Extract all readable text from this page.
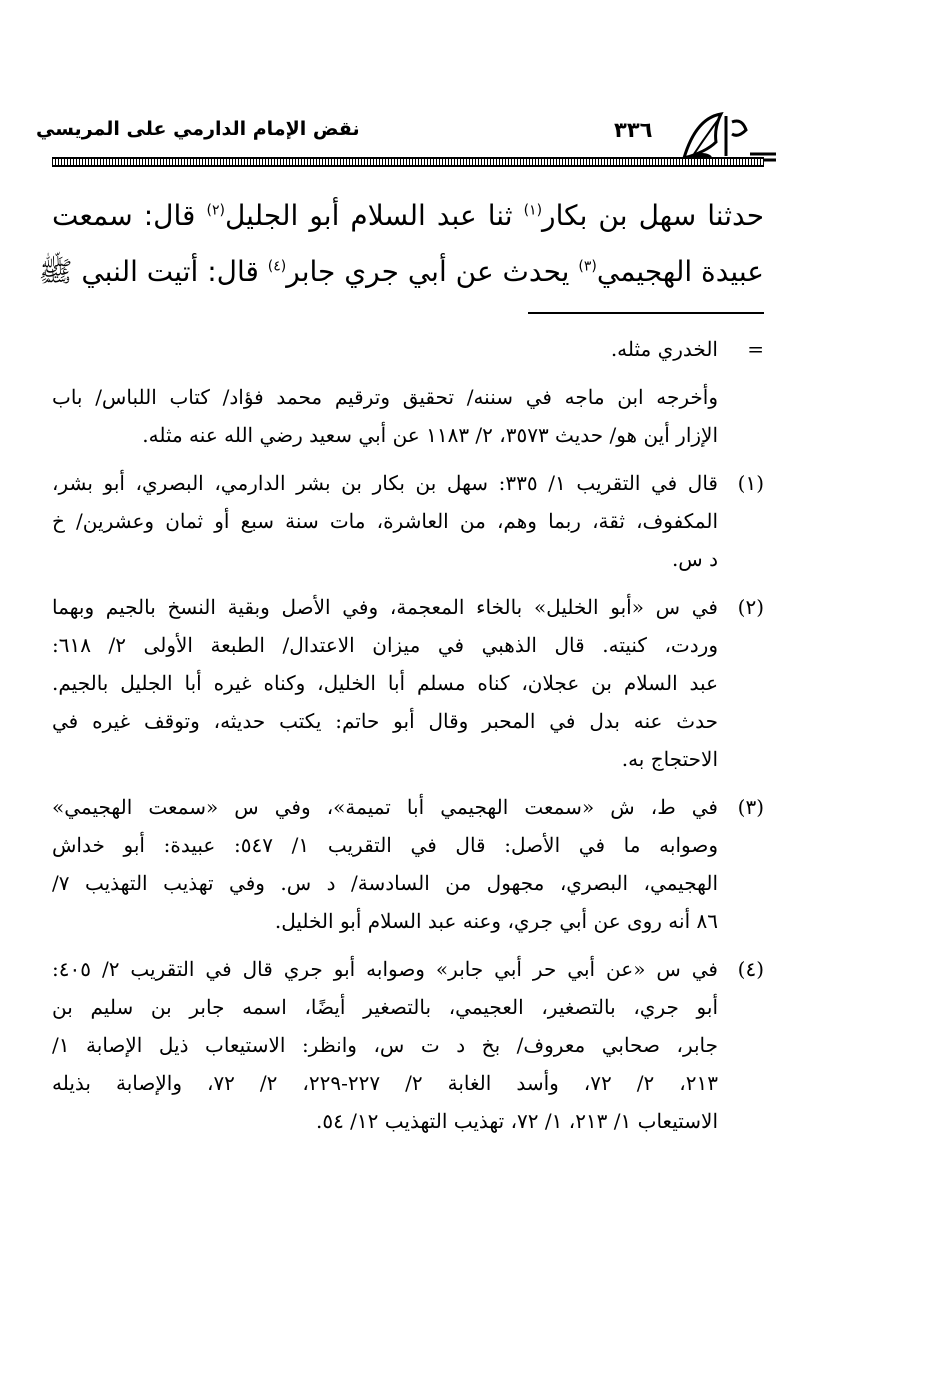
نقض الإمام الدارمي على المريسي	٣٣٦
حدثنا سهل بن بكار$^{(١)}$ ثنا عبد السلام أبو الجليل$^{(٢)}$ قال: سمعت
عبيدة الهجيمي$^{(٣)}$ يحدث عن أبي جري جابر$^{(٤)}$ قال: أتيت النبي ﷺ
=
الخدري مثله.
وأخرجه ابن ماجه في سننه/ تحقيق وترقيم محمد فؤاد/ كتاب اللباس/ باب
الإزار أين هو/ حديث ٣٥٧٣، ٢/ ١١٨٣ عن أبي سعيد رضي الله عنه مثله.
(١)
قال في التقريب ١/ ٣٣٥: سهل بن بكار بن بشر الدارمي، البصري، أبو بشر،
المكفوف، ثقة، ربما وهم، من العاشرة، مات سنة سبع أو ثمان وعشرين/ خ
د س.
(٢)
في س «أبو الخليل» بالخاء المعجمة، وفي الأصل وبقية النسخ بالجيم وبهما
وردت، كنيته. قال الذهبي في ميزان الاعتدال/ الطبعة الأولى ٢/ ٦١٨:
عبد السلام بن عجلان، كناه مسلم أبا الخليل، وكناه غيره أبا الجليل بالجيم.
حدث عنه بدل في المحبر وقال أبو حاتم: يكتب حديثه، وتوقف غيره في
الاحتجاج به.
(٣)
في ط، ش «سمعت الهجيمي أبا تميمة»، وفي س «سمعت الهجيمي»
وصوابه ما في الأصل: قال في التقريب ١/ ٥٤٧: عبيدة: أبو خداش
الهجيمي، البصري، مجهول من السادسة/ د س. وفي تهذيب التهذيب ٧/
٨٦ أنه روى عن أبي جري، وعنه عبد السلام أبو الخليل.
(٤)
في س «عن أبي حر أبي جابر» وصوابه أبو جري قال في التقريب ٢/ ٤٠٥:
أبو جري، بالتصغير، العجيمي، بالتصغير أيضًا، اسمه جابر بن سليم بن
جابر، صحابي معروف/ بخ د ت س، وانظر: الاستيعاب ذيل الإصابة ١/
٢١٣، ٢/ ٧٢، وأسد الغابة ٢/ ٢٢٧-٢٢٩، ٢/ ٧٢، والإصابة بذيله
الاستيعاب ١/ ٢١٣، ١/ ٧٢، تهذيب التهذيب ١٢/ ٥٤.
